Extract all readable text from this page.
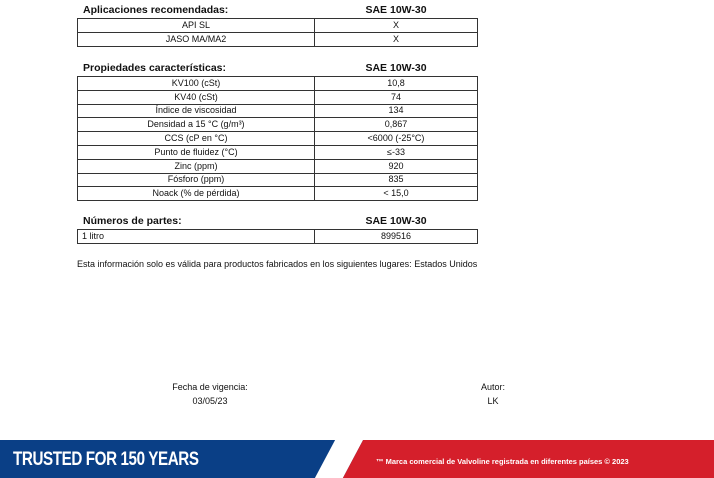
Aplicaciones recomendadas:	SAE 10W-30
API SL	X
JASO MA/MA2	X
Propiedades características:	SAE 10W-30
KV100 (cSt)	10,8
KV40 (cSt)	74
Índice de viscosidad	134
Densidad a 15 °C (g/m³)	0,867
CCS (cP en °C)	<6000 (-25°C)
Punto de fluidez (°C)	≤-33
Zinc (ppm)	920
Fósforo (ppm)	835
Noack (% de pérdida)	< 15,0
Números de partes:	SAE 10W-30
1 litro	899516
Esta información solo es válida para productos fabricados en los siguientes lugares: Estados Unidos
Fecha de vigencia:
03/05/23
Autor:
LK
TRUSTED FOR 150 YEARS	™ Marca comercial de Valvoline registrada en diferentes países © 2023
